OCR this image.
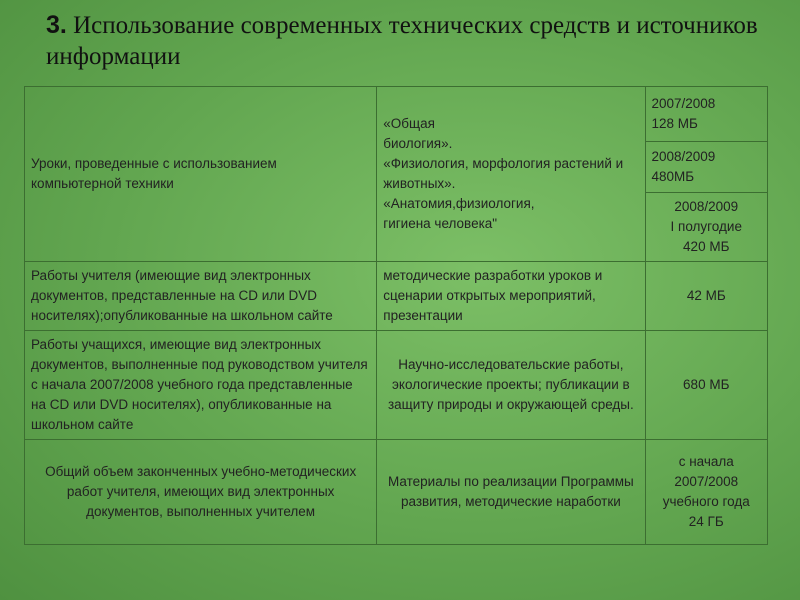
3. Использование современных технических средств и источников информации
Уроки, проведенные с использованием компьютерной техники	«Общая
биология».
«Физиология, морфология растений и животных».
«Анатомия,физиология,
гигиена человека"	2007/2008
128 МБ
		2008/2009
480МБ
		2008/2009
I полугодие
420 МБ
Работы учителя (имеющие вид электронных документов, представленные на CD или DVD носителях);опубликованные на школьном сайте	методические разработки уроков и сценарии открытых мероприятий, презентации	42 МБ
Работы учащихся, имеющие вид электронных документов, выполненные под руководством учителя с начала 2007/2008 учебного года представленные на CD или DVD носителях), опубликованные на школьном сайте	Научно-исследовательские работы, экологические проекты; публикации в защиту природы и окружающей среды.	680 МБ
Общий объем законченных учебно-методических работ учителя, имеющих вид электронных документов, выполненных учителем	Материалы по реализации Программы развития, методические наработки	с начала
2007/2008
учебного года
24 ГБ
